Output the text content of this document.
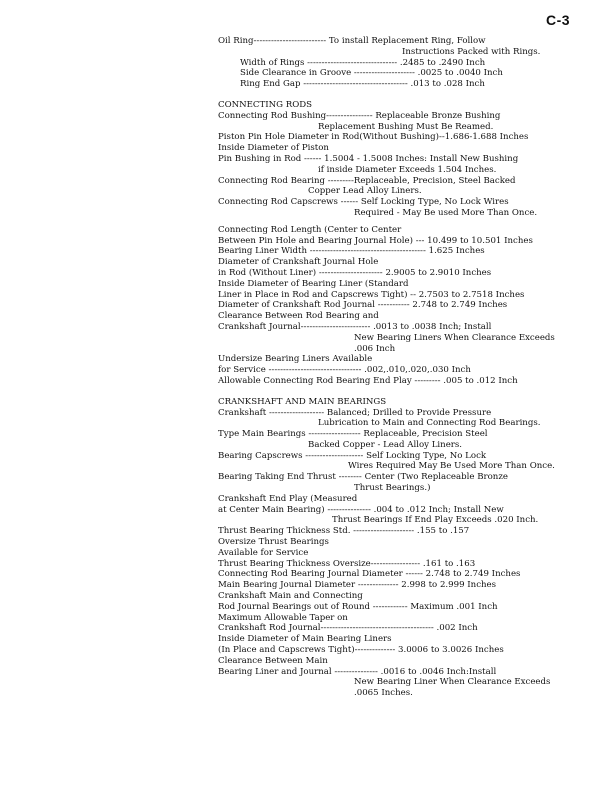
C-3
Oil Ring------------------------- To install Replacement Ring, Follow
Instructions Packed with Rings.
Width of Rings ------------------------------- .2485 to .2490 Inch
Side Clearance in Groove --------------------- .0025 to .0040 Inch
Ring End Gap ------------------------------------ .013 to .028 Inch
CONNECTING RODS
Connecting Rod Bushing---------------- Replaceable Bronze Bushing
Replacement Bushing Must Be Reamed.
Piston Pin Hole Diameter in Rod(Without Bushing)--1.686-1.688 Inches
Inside Diameter of Piston
Pin Bushing in Rod ------ 1.5004 - 1.5008 Inches: Install New Bushing
if inside Diameter Exceeds 1.504 Inches.
Connecting Rod Bearing ---------Replaceable, Precision, Steel Backed
Copper Lead Alloy Liners.
Connecting Rod Capscrews ------ Self Locking Type, No Lock Wires
Required - May Be used More Than Once.
Connecting Rod Length (Center to Center
Between Pin Hole and Bearing Journal Hole) --- 10.499 to 10.501 Inches
Bearing Liner Width ---------------------------------------- 1.625 Inches
Diameter of Crankshaft Journal Hole
in Rod (Without Liner) ---------------------- 2.9005 to 2.9010 Inches
Inside Diameter of Bearing Liner (Standard
Liner in Place in Rod and Capscrews Tight) -- 2.7503 to 2.7518 Inches
Diameter of Crankshaft Rod Journal ----------- 2.748 to 2.749 Inches
Clearance Between Rod Bearing and
Crankshaft Journal------------------------ .0013 to .0038 Inch; Install
New Bearing Liners When Clearance Exceeds
.006 Inch
Undersize Bearing Liners Available
for Service -------------------------------- .002,.010,.020,.030 Inch
Allowable Connecting Rod Bearing End Play --------- .005 to .012 Inch
CRANKSHAFT AND MAIN BEARINGS
Crankshaft ------------------- Balanced; Drilled to Provide Pressure
Lubrication to Main and Connecting Rod Bearings.
Type Main Bearings ------------------ Replaceable, Precision Steel
Backed Copper - Lead Alloy Liners.
Bearing Capscrews -------------------- Self Locking Type, No Lock
Wires Required May Be Used More Than Once.
Bearing Taking End Thrust -------- Center (Two Replaceable Bronze
Thrust Bearings.)
Crankshaft End Play (Measured
at Center Main Bearing) --------------- .004 to .012 Inch; Install New
Thrust Bearings If End Play Exceeds .020 Inch.
Thrust Bearing Thickness Std. --------------------- .155 to .157
Oversize Thrust Bearings
Available for Service
Thrust Bearing Thickness Oversize----------------- .161 to .163
Connecting Rod Bearing Journal Diameter ------ 2.748 to 2.749 Inches
Main Bearing Journal Diameter -------------- 2.998 to 2.999 Inches
Crankshaft Main and Connecting
Rod Journal Bearings out of Round ------------ Maximum .001 Inch
Maximum Allowable Taper on
Crankshaft Rod Journal--------------------------------------- .002 Inch
Inside Diameter of Main Bearing Liners
(In Place and Capscrews Tight)-------------- 3.0006 to 3.0026 Inches
Clearance Between Main
Bearing Liner and Journal --------------- .0016 to .0046 Inch:Install
New Bearing Liner When Clearance Exceeds
.0065 Inches.
